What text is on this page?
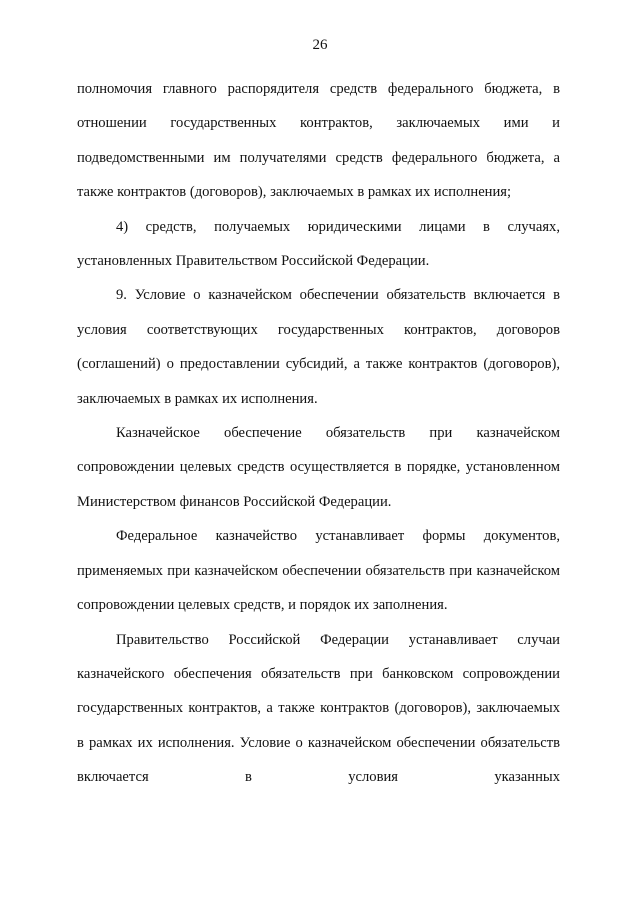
26

полномочия главного распорядителя средств федерального бюджета, в отношении государственных контрактов, заключаемых ими и подведомственными им получателями средств федерального бюджета, а также контрактов (договоров), заключаемых в рамках их исполнения;

4) средств, получаемых юридическими лицами в случаях, установленных Правительством Российской Федерации.

9. Условие о казначейском обеспечении обязательств включается в условия соответствующих государственных контрактов, договоров (соглашений) о предоставлении субсидий, а также контрактов (договоров), заключаемых в рамках их исполнения.

Казначейское обеспечение обязательств при казначейском сопровождении целевых средств осуществляется в порядке, установленном Министерством финансов Российской Федерации.

Федеральное казначейство устанавливает формы документов, применяемых при казначейском обеспечении обязательств при казначейском сопровождении целевых средств, и порядок их заполнения.

Правительство Российской Федерации устанавливает случаи казначейского обеспечения обязательств при банковском сопровождении государственных контрактов, а также контрактов (договоров), заключаемых в рамках их исполнения. Условие о казначейском обеспечении обязательств включается в условия указанных
